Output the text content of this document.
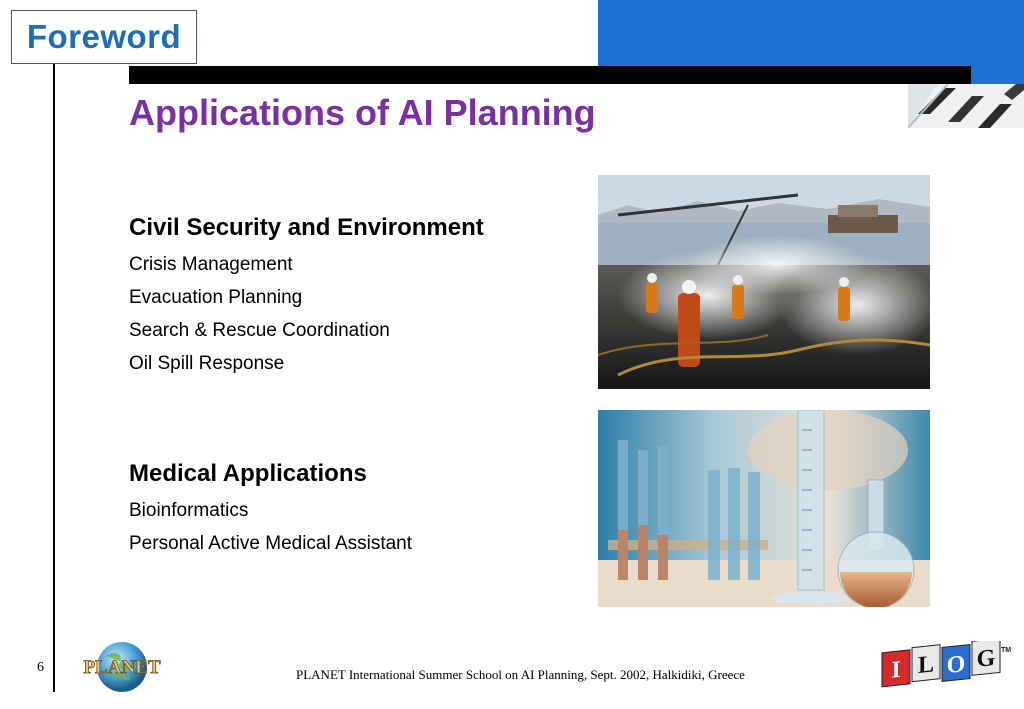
Foreword
Applications of AI Planning
Civil Security and Environment
Crisis Management
Evacuation Planning
Search & Rescue Coordination
Oil Spill Response
Medical Applications
Bioinformatics
Personal Active Medical Assistant
6 PLANET	PLANET International Summer School on AI Planning, Sept. 2002, Halkidiki, Greece	I L O G TM
